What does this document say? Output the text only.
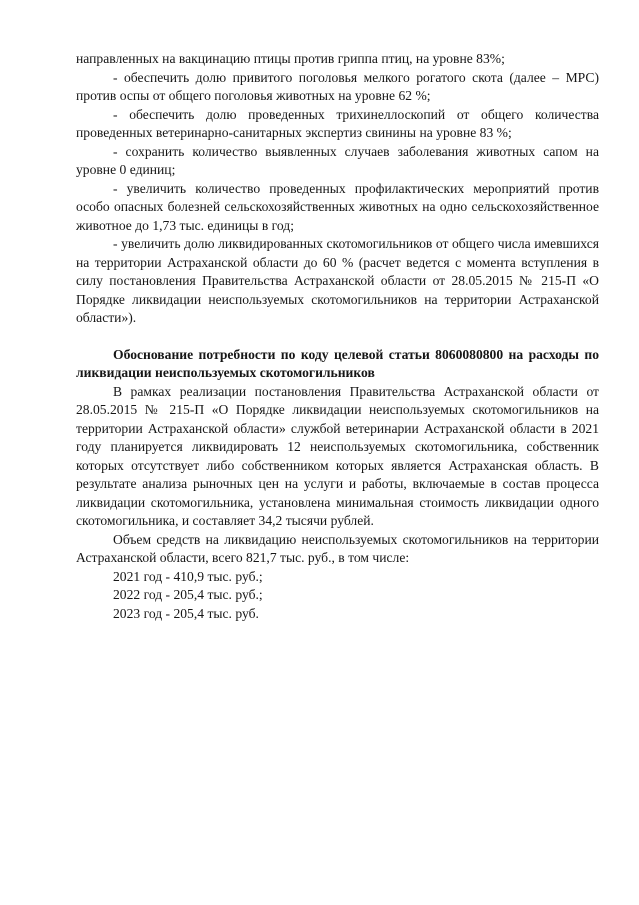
направленных на вакцинацию птицы против гриппа птиц, на уровне 83%;

- обеспечить долю привитого поголовья мелкого рогатого скота (далее – МРС) против оспы от общего поголовья животных на уровне 62 %;

- обеспечить долю проведенных трихинеллоскопий от общего количества проведенных ветеринарно-санитарных экспертиз свинины на уровне 83 %;

- сохранить количество выявленных случаев заболевания животных сапом на уровне 0 единиц;

- увеличить количество проведенных профилактических мероприятий против особо опасных болезней сельскохозяйственных животных на одно сельскохозяйственное животное до 1,73 тыс. единицы в год;

- увеличить долю ликвидированных скотомогильников от общего числа имевшихся на территории Астраханской области до 60 % (расчет ведется с момента вступления в силу постановления Правительства Астраханской области от 28.05.2015 № 215-П «О Порядке ликвидации неиспользуемых скотомогильников на территории Астраханской области»).

Обоснование потребности по коду целевой статьи 8060080800 на расходы по ликвидации неиспользуемых скотомогильников

В рамках реализации постановления Правительства Астраханской области от 28.05.2015 № 215-П «О Порядке ликвидации неиспользуемых скотомогильников на территории Астраханской области» службой ветеринарии Астраханской области в 2021 году планируется ликвидировать 12 неиспользуемых скотомогильника, собственник которых отсутствует либо собственником которых является Астраханская область. В результате анализа рыночных цен на услуги и работы, включаемые в состав процесса ликвидации скотомогильника, установлена минимальная стоимость ликвидации одного скотомогильника, и составляет 34,2 тысячи рублей.

Объем средств на ликвидацию неиспользуемых скотомогильников на территории Астраханской области, всего 821,7 тыс. руб., в том числе:

2021 год - 410,9 тыс. руб.;

2022 год - 205,4 тыс. руб.;

2023 год - 205,4 тыс. руб.
